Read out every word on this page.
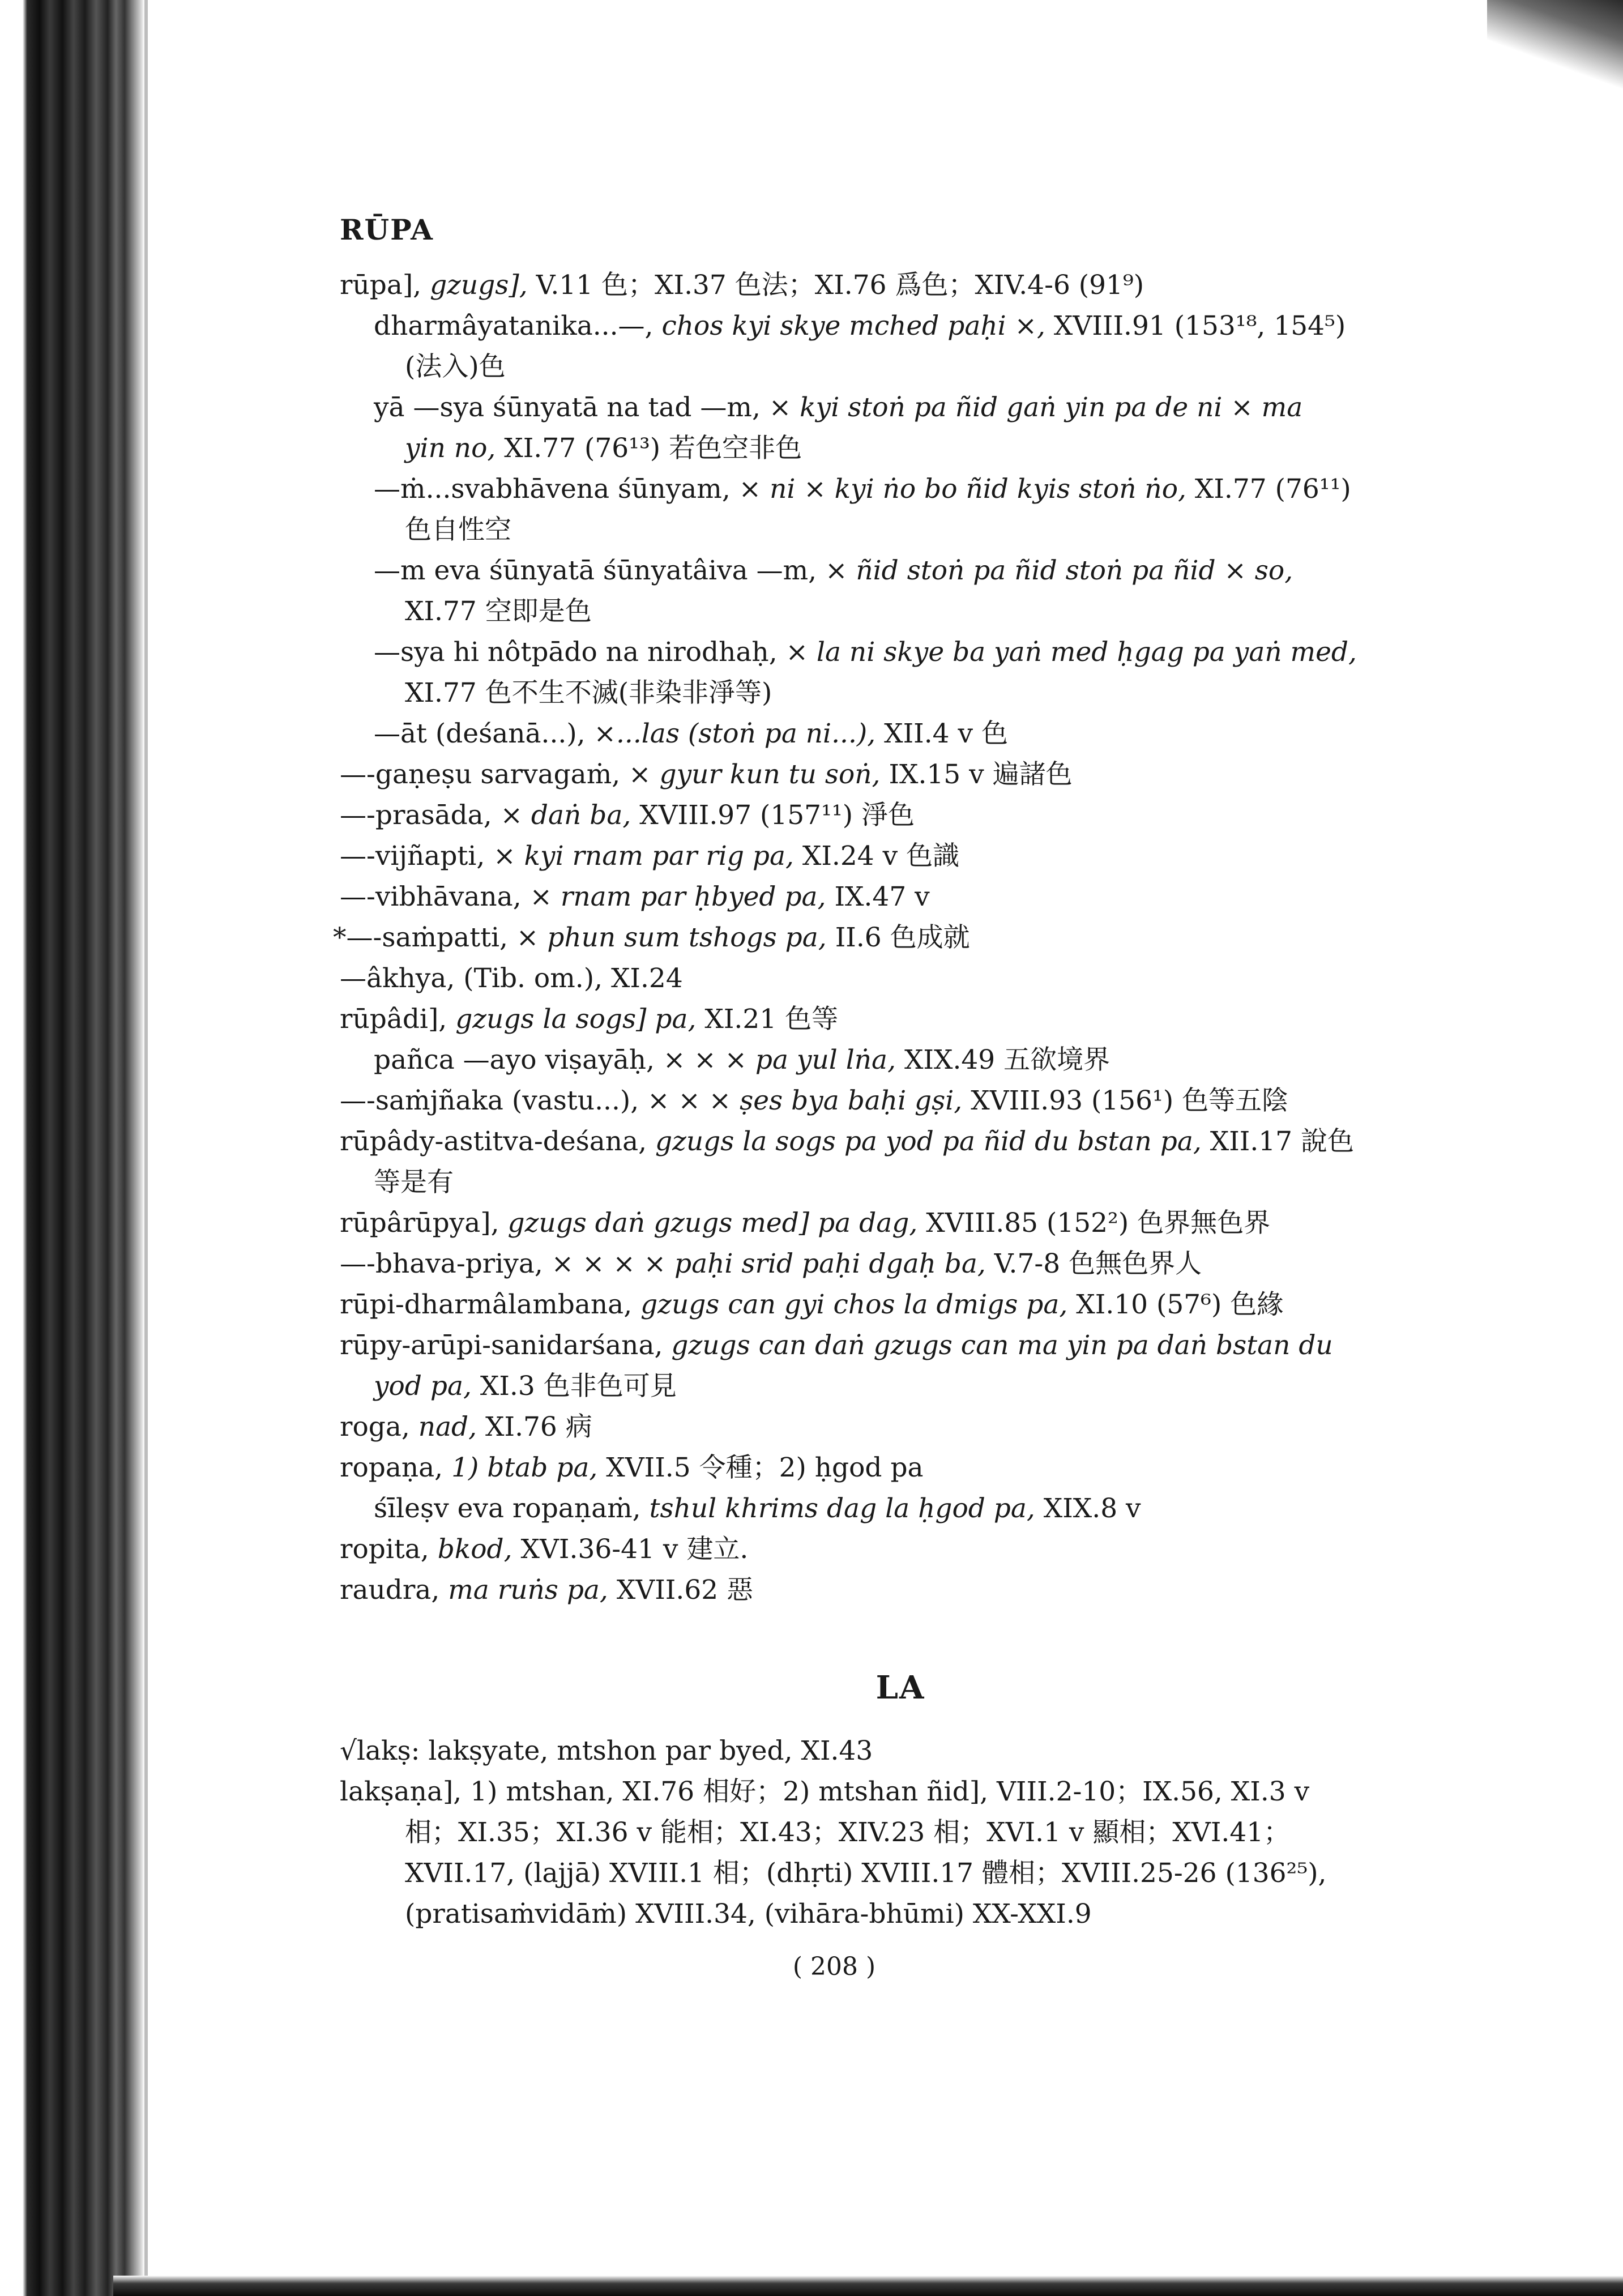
RŪPA
rūpa], gzugs], V.11 色；XI.37 色法；XI.76 爲色；XIV.4-6 (91⁹)
dharmâyatanika...—, chos kyi skye mched paḥi ×, XVIII.91 (153¹⁸, 154⁵)
(法入)色
yā —sya śūnyatā na tad —m, × kyi stoṅ pa ñid gaṅ yin pa de ni × ma
yin no, XI.77 (76¹³) 若色空非色
—ṁ...svabhāvena śūnyam, × ni × kyi ṅo bo ñid kyis stoṅ ṅo, XI.77 (76¹¹)
色自性空
—m eva śūnyatā śūnyatâiva —m, × ñid stoṅ pa ñid stoṅ pa ñid × so,
XI.77 空即是色
—sya hi nôtpādo na nirodhaḥ, × la ni skye ba yaṅ med ḥgag pa yaṅ med,
XI.77 色不生不滅(非染非淨等)
—āt (deśanā...), ×...las (stoṅ pa ni...), XII.4 v 色
—-gaṇeṣu sarvagaṁ, × gyur kun tu soṅ, IX.15 v 遍諸色
—-prasāda, × daṅ ba, XVIII.97 (157¹¹) 淨色
—-vijñapti, × kyi rnam par rig pa, XI.24 v 色識
—-vibhāvana, × rnam par ḥbyed pa, IX.47 v
*—-saṁpatti, × phun sum tshogs pa, II.6 色成就
—âkhya, (Tib. om.), XI.24
rūpâdi], gzugs la sogs] pa, XI.21 色等
pañca —ayo viṣayāḥ, × × × pa yul lṅa, XIX.49 五欲境界
—-saṁjñaka (vastu...), × × × ṣes bya baḥi gṣi, XVIII.93 (156¹) 色等五陰
rūpâdy-astitva-deśana, gzugs la sogs pa yod pa ñid du bstan pa, XII.17 說色
等是有
rūpârūpya], gzugs daṅ gzugs med] pa dag, XVIII.85 (152²) 色界無色界
—-bhava-priya, × × × × paḥi srid paḥi dgaḥ ba, V.7-8 色無色界人
rūpi-dharmâlambana, gzugs can gyi chos la dmigs pa, XI.10 (57⁶) 色緣
rūpy-arūpi-sanidarśana, gzugs can daṅ gzugs can ma yin pa daṅ bstan du
yod pa, XI.3 色非色可見
roga, nad, XI.76 病
ropaṇa, 1) btab pa, XVII.5 令種；2) ḥgod pa
śīleṣv eva ropaṇaṁ, tshul khrims dag la ḥgod pa, XIX.8 v
ropita, bkod, XVI.36-41 v 建立.
raudra, ma ruṅs pa, XVII.62 惡
LA
√lakṣ: lakṣyate, mtshon par byed, XI.43
lakṣaṇa], 1) mtshan, XI.76 相好；2) mtshan ñid], VIII.2-10；IX.56, XI.3 v
相；XI.35；XI.36 v 能相；XI.43；XIV.23 相；XVI.1 v 顯相；XVI.41；
XVII.17, (lajjā) XVIII.1 相；(dhṛti) XVIII.17 體相；XVIII.25-26 (136²⁵),
(pratisaṁvidāṁ) XVIII.34, (vihāra-bhūmi) XX-XXI.9
( 208 )
